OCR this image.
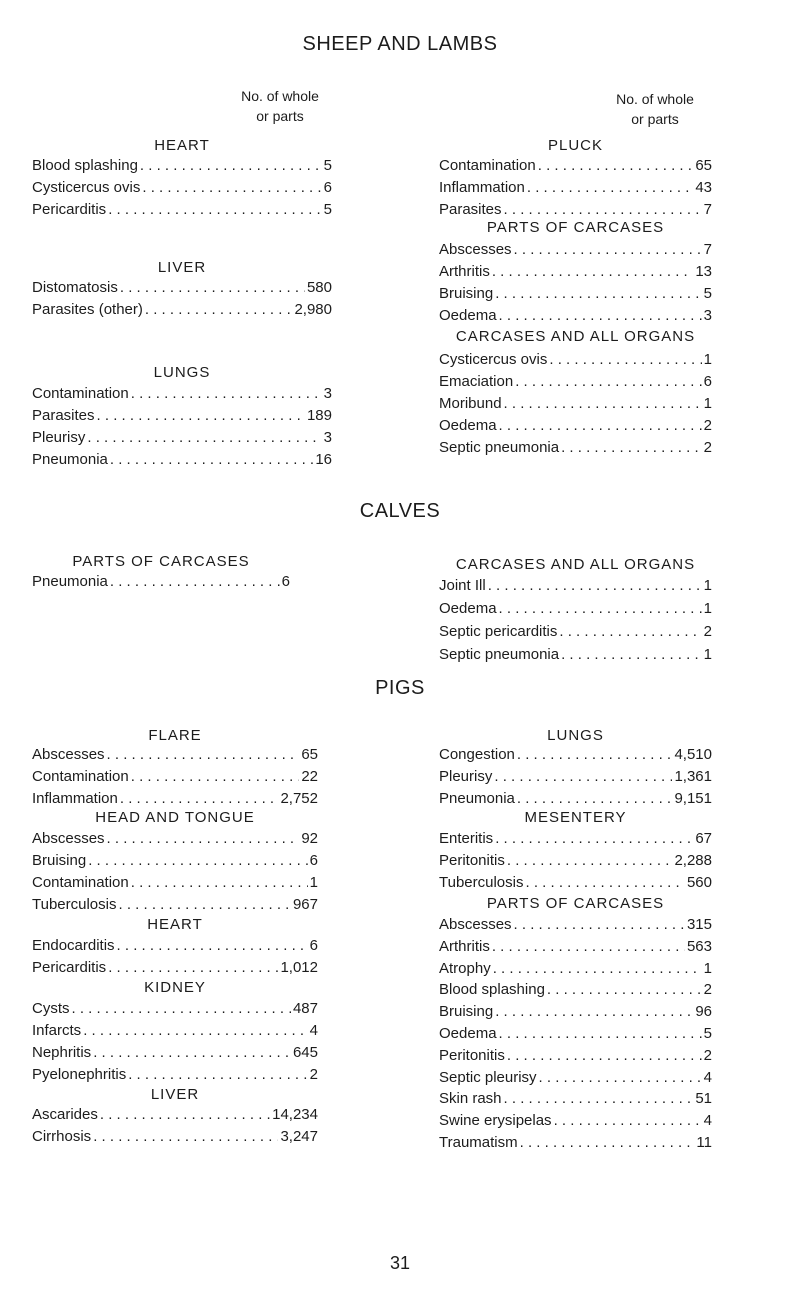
SHEEP AND LAMBS
No. of whole
or parts
No. of whole
or parts
CALVES
PIGS
31
HEART
Blood splashing . . .	5
Cysticercus ovis . . .	6
Pericarditis . . .	5
LIVER
Distomatosis . . .	580
Parasites (other) . . .	2,980
LUNGS
Contamination . . .	3
Parasites . . .	189
Pleurisy . . .	3
Pneumonia . . .	16
PLUCK
Contamination . . .	65
Inflammation . . .	43
Parasites . . .	7
PARTS OF CARCASES
Abscesses . . .	7
Arthritis . . .	13
Bruising . . .	5
Oedema . . .	3
CARCASES AND ALL ORGANS
Cysticercus ovis . . .	1
Emaciation . . .	6
Moribund . . .	1
Oedema . . .	2
Septic pneumonia . . .	2
PARTS OF CARCASES
Pneumonia . . .	6
CARCASES AND ALL ORGANS
Joint Ill . . .	1
Oedema . . .	1
Septic pericarditis . . .	2
Septic pneumonia . . .	1
FLARE
Abscesses . . .	65
Contamination . . .	22
Inflammation . . .	2,752
HEAD AND TONGUE
Abscesses . . .	92
Bruising . . .	6
Contamination . . .	1
Tuberculosis . . .	967
HEART
Endocarditis . . .	6
Pericarditis . . .	1,012
KIDNEY
Cysts . . .	487
Infarcts . . .	4
Nephritis . . .	645
Pyelonephritis . . .	2
LIVER
Ascarides . . .	14,234
Cirrhosis . . .	3,247
LUNGS
Congestion . . .	4,510
Pleurisy . . .	1,361
Pneumonia . . .	9,151
MESENTERY
Enteritis . . .	67
Peritonitis . . .	2,288
Tuberculosis . . .	560
PARTS OF CARCASES
Abscesses . . .	315
Arthritis . . .	563
Atrophy . . .	1
Blood splashing . . .	2
Bruising . . .	96
Oedema . . .	5
Peritonitis . . .	2
Septic pleurisy . . .	4
Skin rash . . .	51
Swine erysipelas . . .	4
Traumatism . . .	11
